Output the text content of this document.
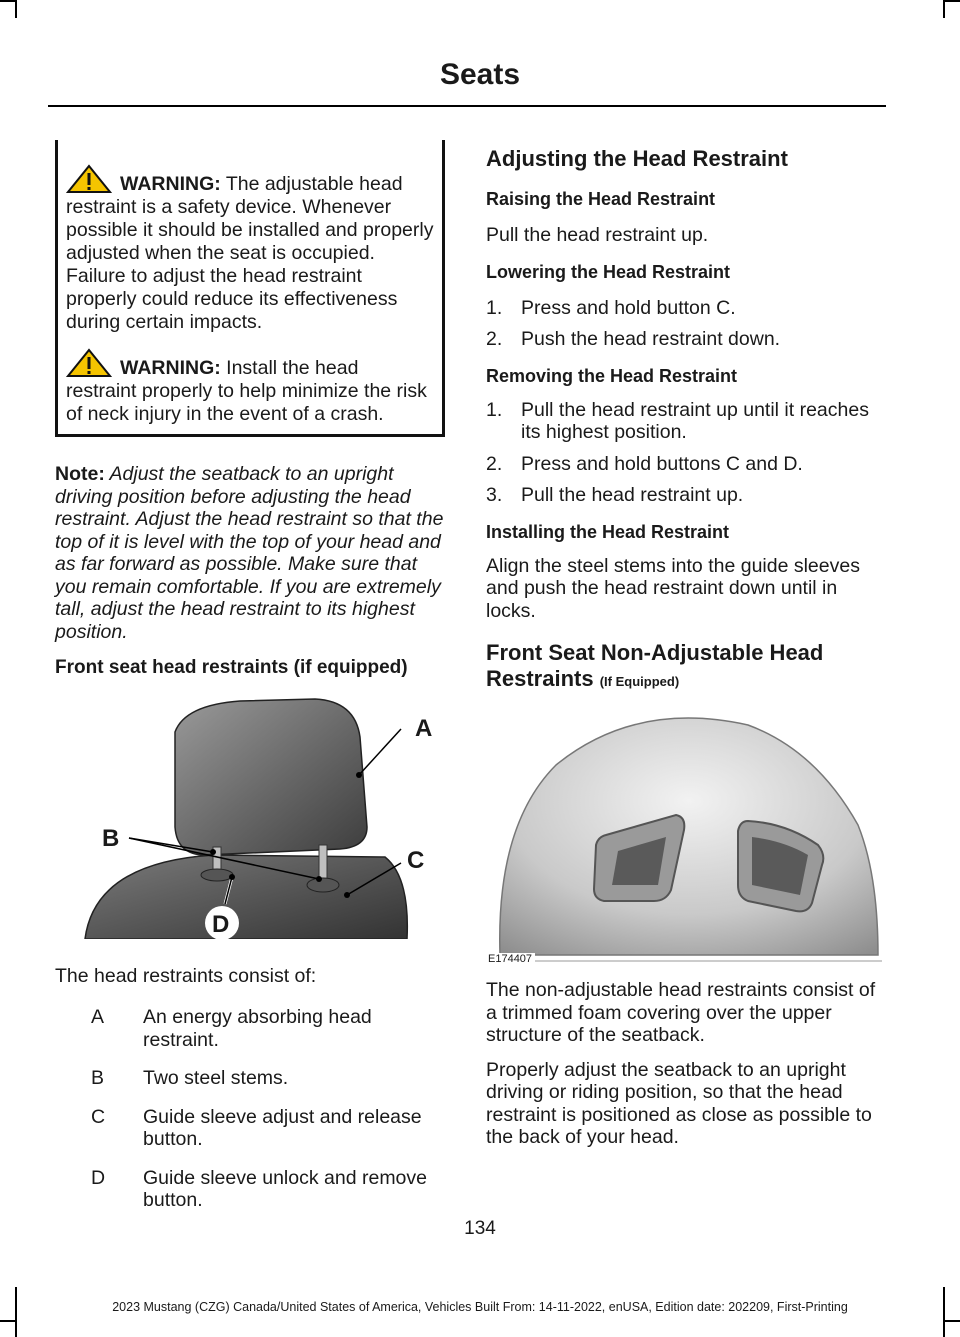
Seats
WARNING: The adjustable head restraint is a safety device. Whenever possible it should be installed and properly adjusted when the seat is occupied. Failure to adjust the head restraint properly could reduce its effectiveness during certain impacts.
WARNING: Install the head restraint properly to help minimize the risk of neck injury in the event of a crash.

Note: Adjust the seatback to an upright driving position before adjusting the head restraint. Adjust the head restraint so that the top of it is level with the top of your head and as far forward as possible. Make sure that you remain comfortable. If you are extremely tall, adjust the head restraint to its highest position.

Front seat head restraints (if equipped)
A
B
C
D

The head restraints consist of:

A	An energy absorbing head restraint.
B	Two steel stems.
C	Guide sleeve adjust and release button.
D	Guide sleeve unlock and remove button.
Adjusting the Head Restraint
Raising the Head Restraint

Pull the head restraint up.

Lowering the Head Restraint
1. Press and hold button C.
2. Push the head restraint down.
Removing the Head Restraint
1. Pull the head restraint up until it reaches its highest position.
2. Press and hold buttons C and D.
3. Pull the head restraint up.
Installing the Head Restraint

Align the steel stems into the guide sleeves and push the head restraint down until in locks.

Front Seat Non-Adjustable Head Restraints (If Equipped)
E174407

The non-adjustable head restraints consist of a trimmed foam covering over the upper structure of the seatback.

Properly adjust the seatback to an upright driving or riding position, so that the head restraint is positioned as close as possible to the back of your head.

134
2023 Mustang (CZG) Canada/United States of America, Vehicles Built From: 14-11-2022, enUSA, Edition date: 202209, First-Printing
